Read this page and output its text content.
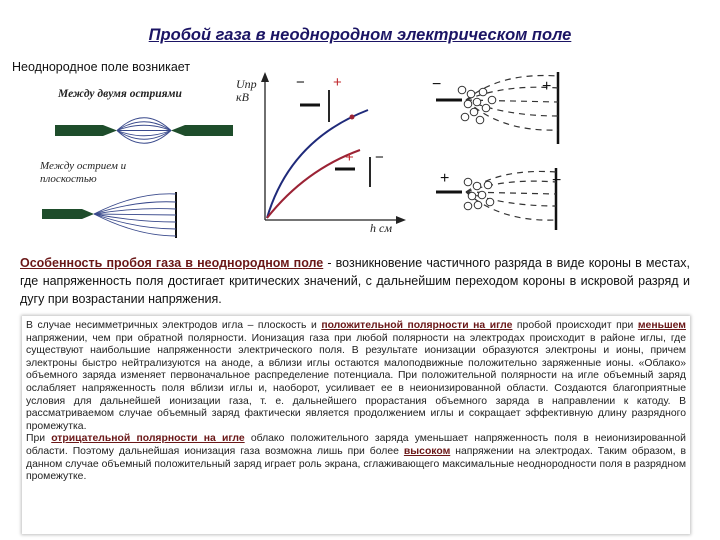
Пробой газа в неоднородном электрическом поле
Неоднородное поле возникает
Между двумя остриями
Между острием и
плоскостью
Uпр
кВ
h см
− +
+ −
−	+
+	−
Особенность пробоя газа в неоднородном поле - возникновение частичного разряда в виде короны в местах, где напряженность поля достигает критических значений, с дальнейшим переходом короны в искровой разряд и дугу при возрастании напряжения.

В случае несимметричных электродов игла – плоскость и положительной полярности на игле пробой происходит при меньшем напряжении, чем при обратной полярности. Ионизация газа при любой полярности на электродах происходит в районе иглы, где существуют наибольшие напряженности электрического поля. В результате ионизации образуются электроны и ионы, причем электроны быстро нейтрализуются на аноде, а вблизи иглы остаются малоподвижные положительно заряженные ионы. «Облако» объемного заряда изменяет первоначальное распределение потенциала. При положительной полярности на игле объемный заряд ослабляет напряженность поля вблизи иглы и, наоборот, усиливает ее в неионизированной области. Создаются благоприятные условия для дальнейшей ионизации газа, т. е. дальнейшего прорастания объемного заряда в направлении к катоду. В рассматриваемом случае объемный заряд фактически является продолжением иглы и сокращает эффективную длину разрядного промежутка.

При отрицательной полярности на игле облако положительного заряда уменьшает напряженность поля в неионизированной области. Поэтому дальнейшая ионизация газа возможна лишь при более высоком напряжении на электродах. Таким образом, в данном случае объемный положительный заряд играет роль экрана, сглаживающего максимальные неоднородности поля в разрядном промежутке.
